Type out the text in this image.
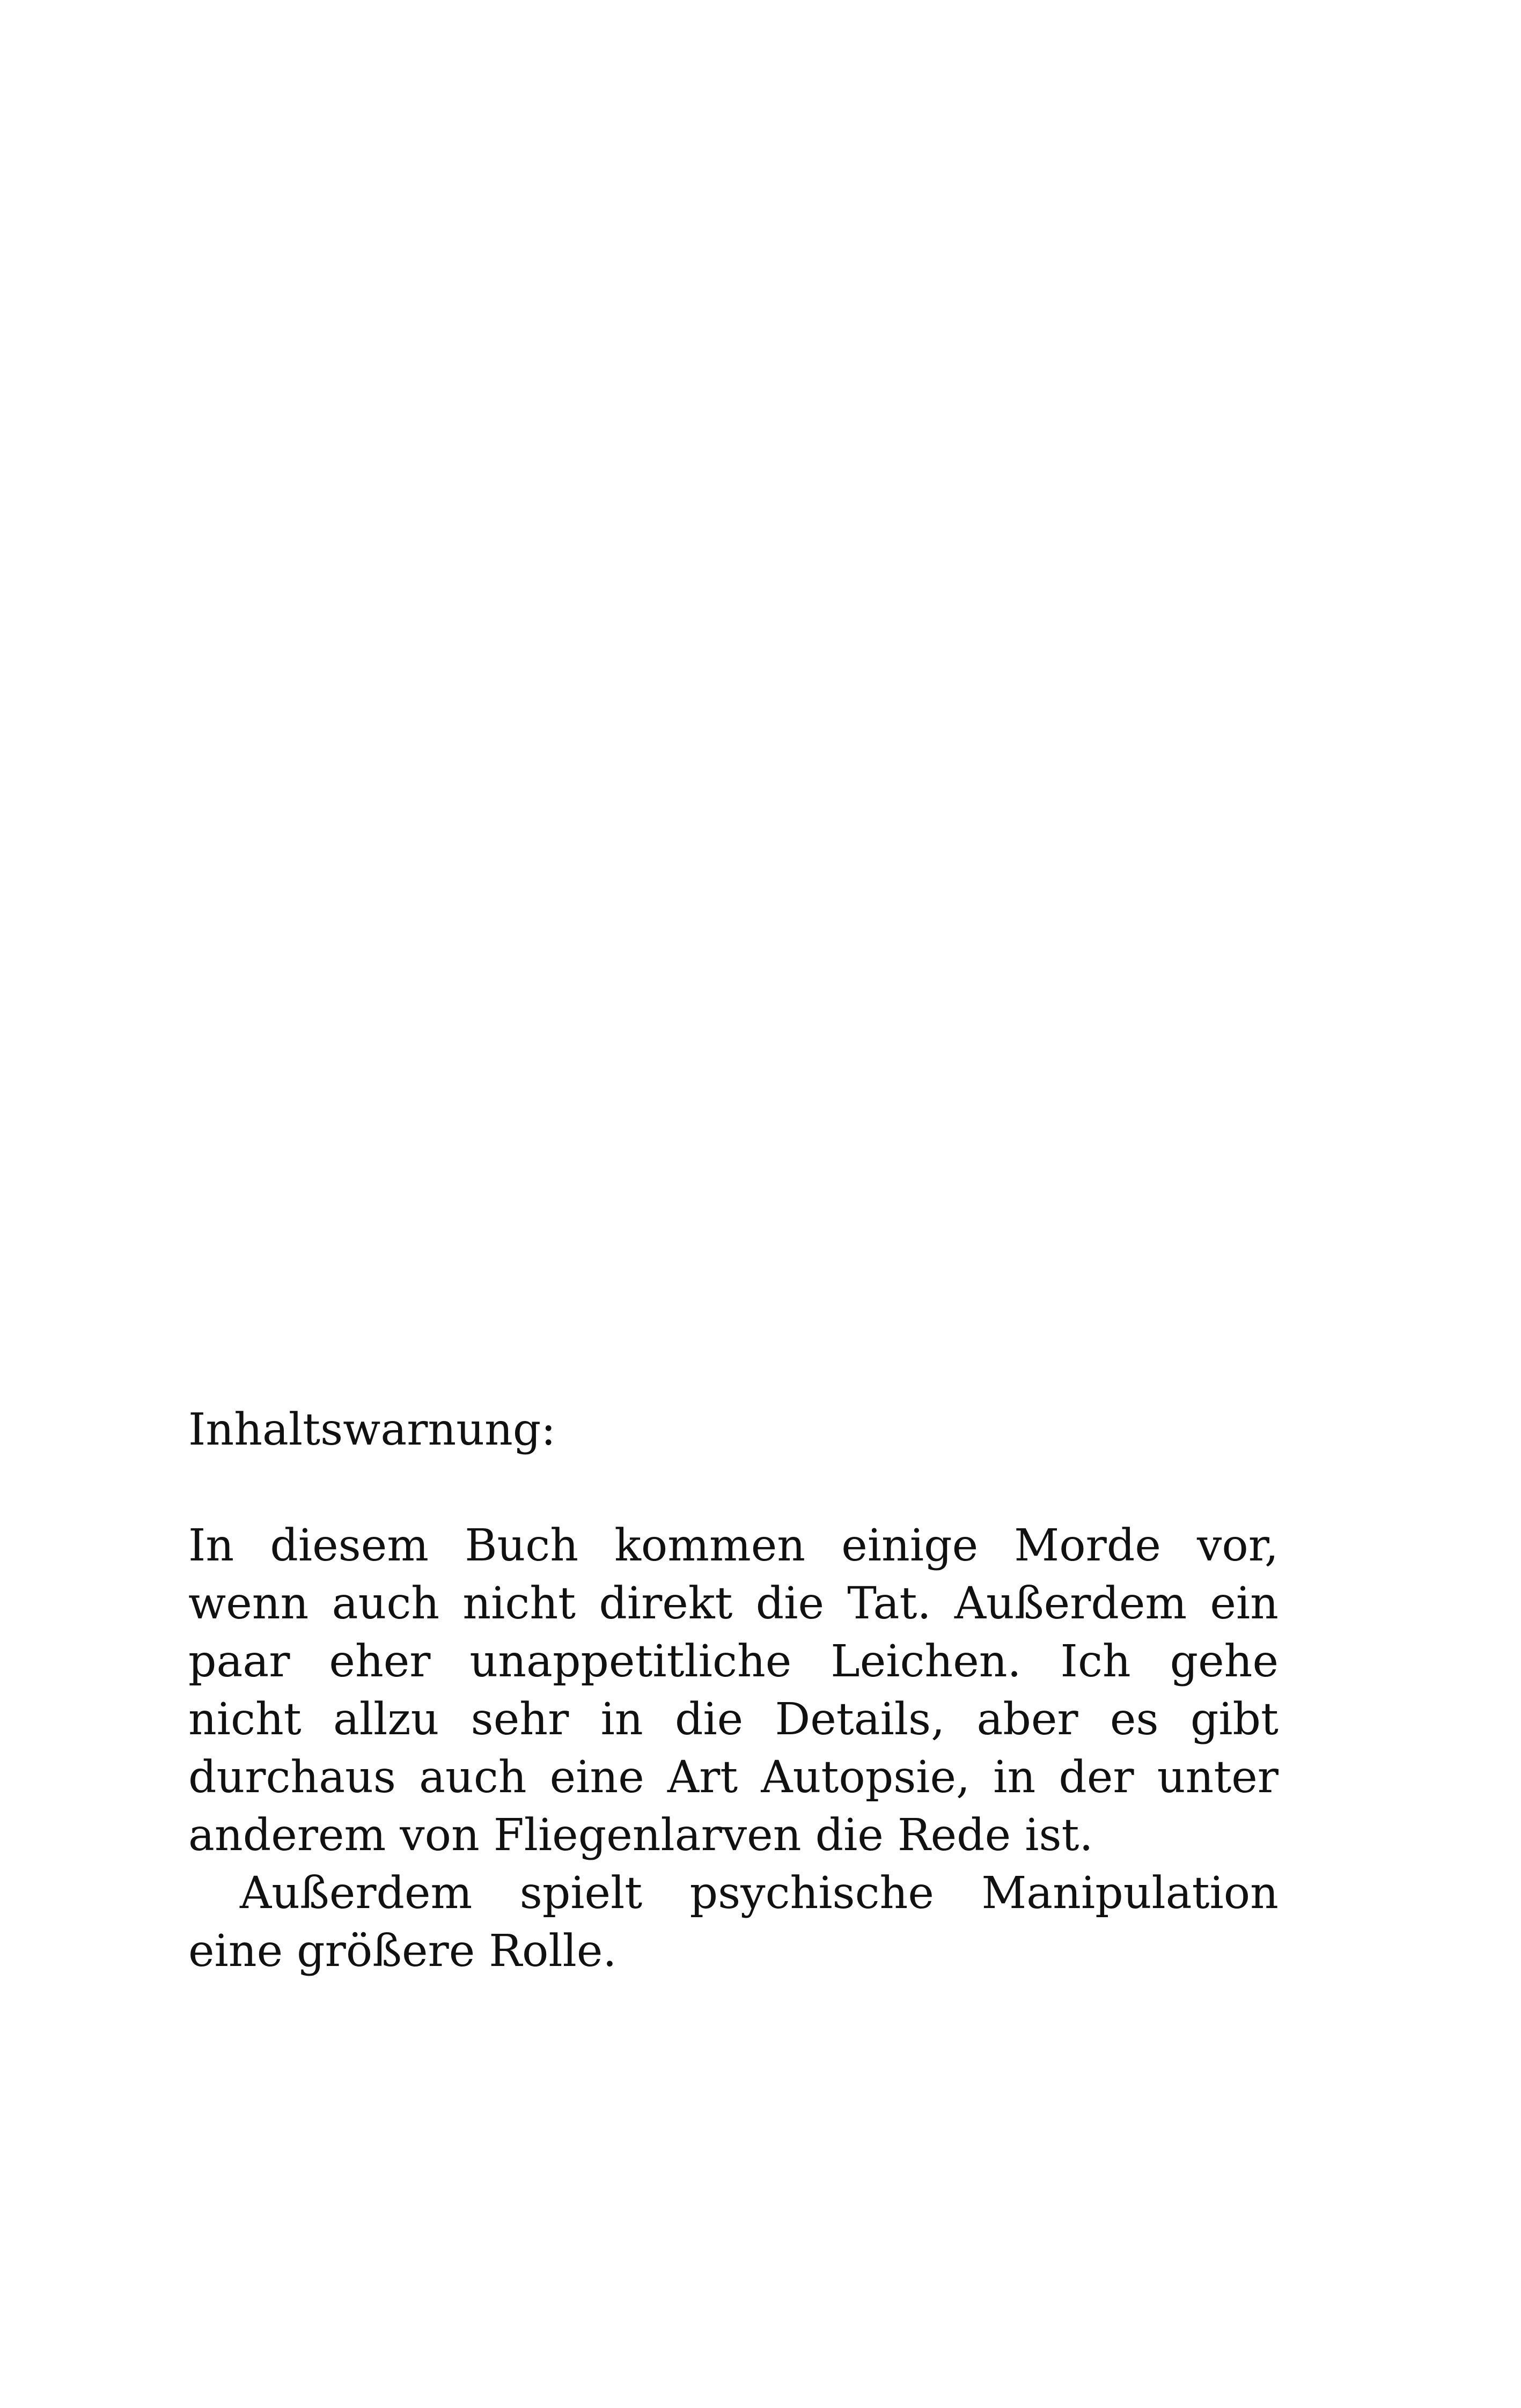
Inhaltswarnung:

In diesem Buch kommen einige Morde vor, wenn auch nicht direkt die Tat. Außerdem ein paar eher unappetitliche Leichen. Ich gehe nicht allzu sehr in die Details, aber es gibt durchaus auch eine Art Autopsie, in der unter anderem von Fliegenlarven die Rede ist.

Außerdem spielt psychische Manipulation eine größere Rolle.
